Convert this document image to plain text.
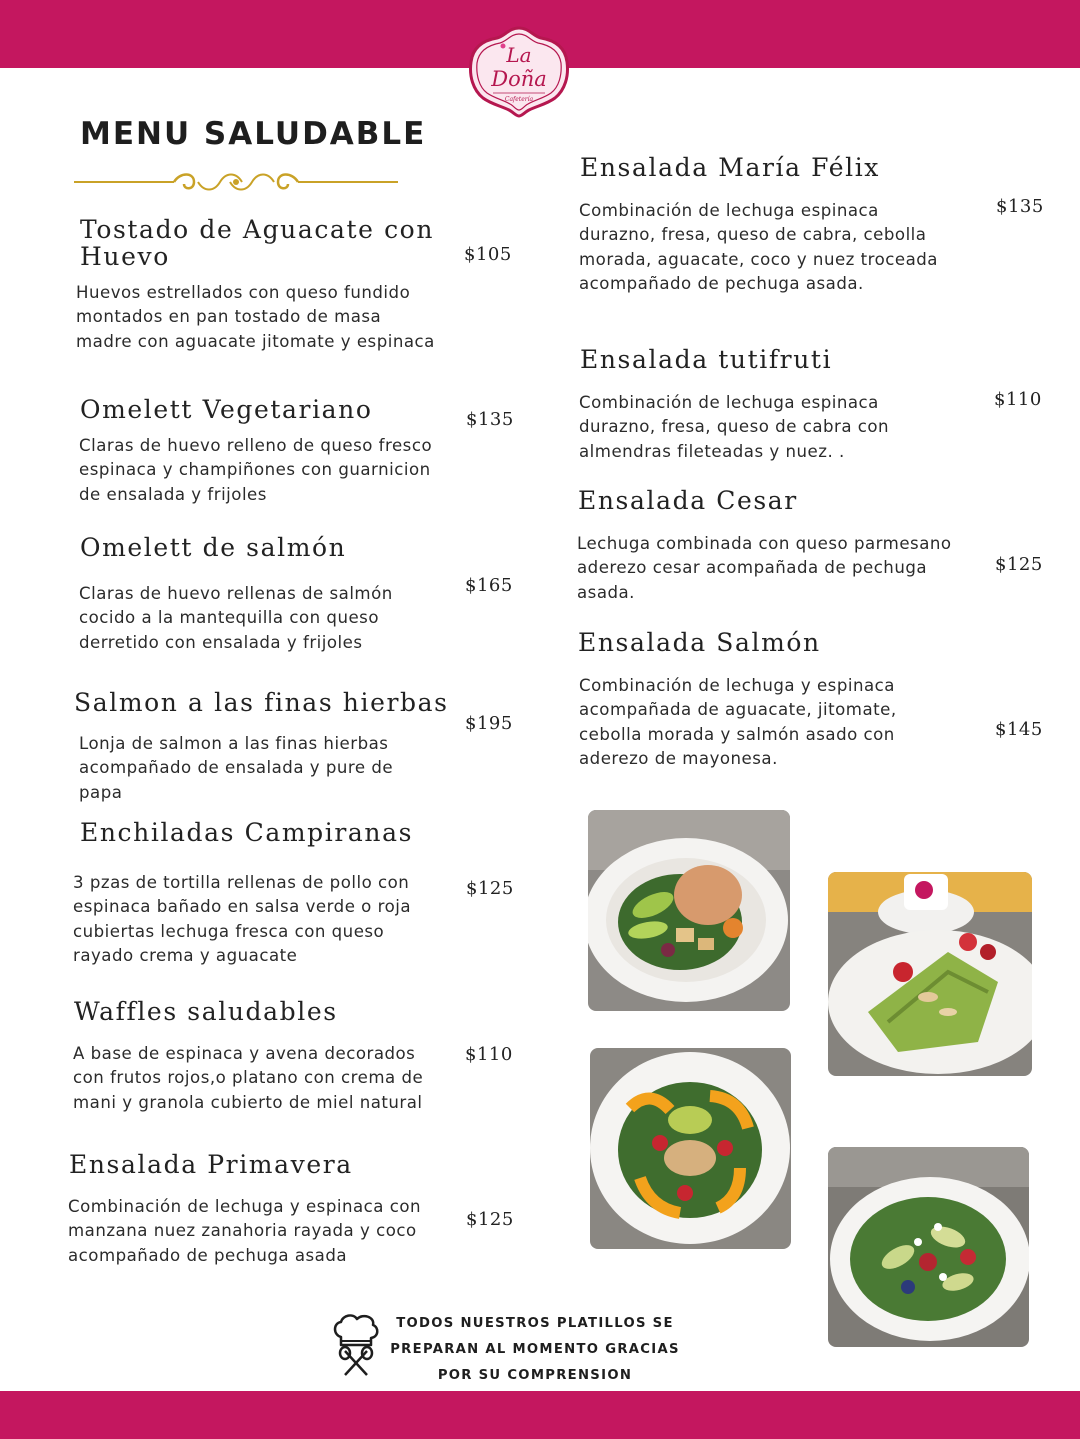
La
Doña
Cafetería
MENU SALUDABLE
Tostado de Aguacate con Huevo	$105
Huevos estrellados con queso fundido montados en pan tostado de masa madre con aguacate jitomate y espinaca
Omelett Vegetariano	$135
Claras de huevo relleno de queso fresco espinaca y champiñones con guarnicion de ensalada y frijoles
Omelett de salmón
$165
Claras de huevo rellenas de salmón cocido a la mantequilla con queso derretido con ensalada y frijoles
Salmon a las finas hierbas
$195
Lonja de salmon a las finas hierbas acompañado de ensalada y pure de papa
Enchiladas Campiranas
$125
3 pzas de tortilla rellenas de pollo con espinaca bañado en salsa verde o roja cubiertas lechuga fresca con queso rayado crema y aguacate
Waffles saludables
$110
A base de espinaca y avena decorados con frutos rojos,o platano con crema de mani y granola cubierto de miel natural
Ensalada Primavera
$125
Combinación de lechuga y espinaca con manzana nuez zanahoria rayada y coco acompañado de pechuga asada
Ensalada María Félix
$135
Combinación de lechuga espinaca durazno, fresa, queso de cabra, cebolla morada, aguacate, coco y nuez troceada acompañado de pechuga asada.
Ensalada tutifruti
$110
Combinación de lechuga espinaca durazno, fresa, queso de cabra con almendras fileteadas y nuez. .
Ensalada Cesar
$125
Lechuga combinada con queso parmesano aderezo cesar acompañada de pechuga asada.
Ensalada Salmón
$145
Combinación de lechuga y espinaca acompañada de aguacate, jitomate, cebolla morada y salmón asado con aderezo de mayonesa.
TODOS NUESTROS PLATILLOS SE
PREPARAN AL MOMENTO GRACIAS
POR SU COMPRENSION
